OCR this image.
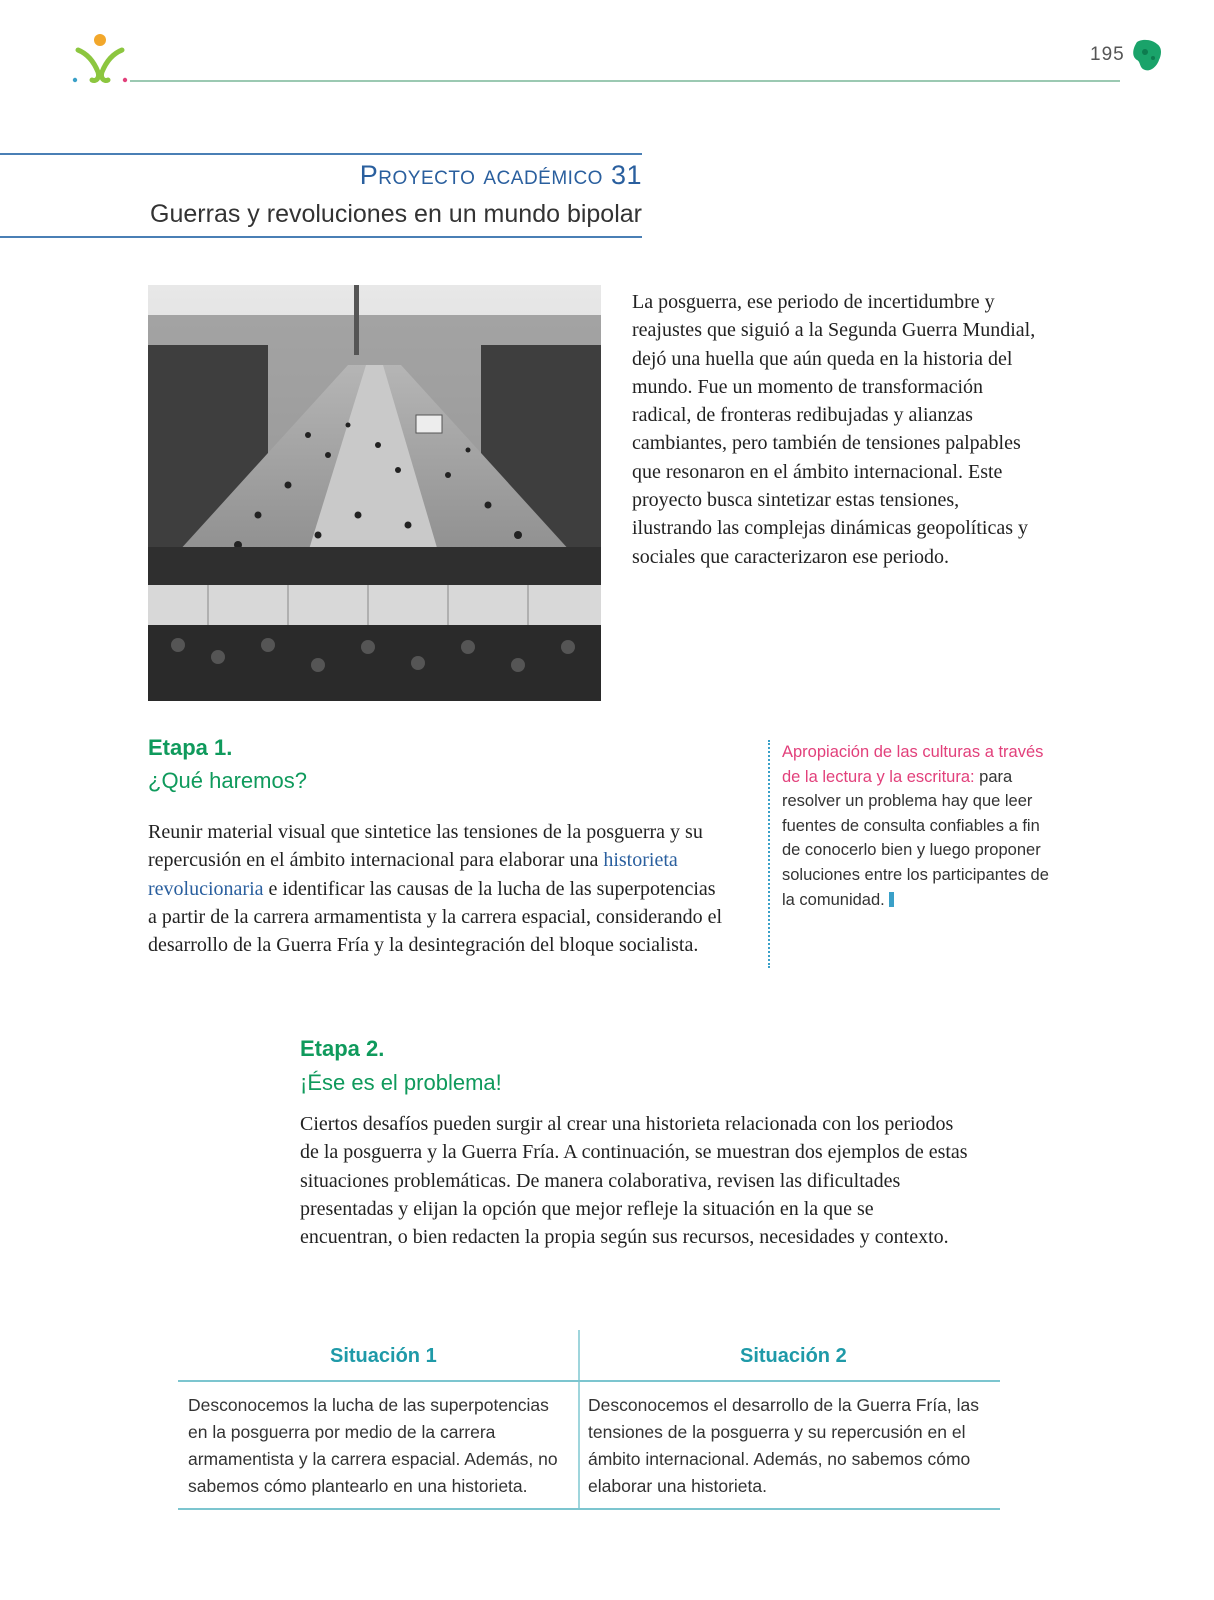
195
Proyecto académico 31
Guerras y revoluciones en un mundo bipolar
La posguerra, ese periodo de incertidumbre y reajustes que siguió a la Segunda Guerra Mundial, dejó una huella que aún queda en la historia del mundo. Fue un momento de transformación radical, de fronteras redibujadas y alianzas cambiantes, pero también de tensiones palpables que resonaron en el ámbito internacional. Este proyecto busca sintetizar estas tensiones, ilustrando las complejas dinámicas geopolíticas y sociales que caracterizaron ese periodo.
Etapa 1.
¿Qué haremos?
Reunir material visual que sintetice las tensiones de la posguerra y su repercusión en el ámbito internacional para elaborar una historieta revolucionaria e identificar las causas de la lucha de las superpotencias a partir de la carrera armamentista y la carrera espacial, considerando el desarrollo de la Guerra Fría y la desintegración del bloque socialista.
Apropiación de las culturas a través de la lectura y la escritura: para resolver un problema hay que leer fuentes de consulta confiables a fin de conocerlo bien y luego proponer soluciones entre los participantes de la comunidad.
Etapa 2.
¡Ése es el problema!
Ciertos desafíos pueden surgir al crear una historieta relacionada con los periodos de la posguerra y la Guerra Fría. A continuación, se muestran dos ejemplos de estas situaciones problemáticas. De manera colaborativa, revisen las dificultades presentadas y elijan la opción que mejor refleje la situación en la que se encuentran, o bien redacten la propia según sus recursos, necesidades y contexto.
Situación 1	Situación 2
Desconocemos la lucha de las superpotencias en la posguerra por medio de la carrera armamentista y la carrera espacial. Además, no sabemos cómo plantearlo en una historieta.
Desconocemos el desarrollo de la Guerra Fría, las tensiones de la posguerra y su repercusión en el ámbito internacional. Además, no sabemos cómo elaborar una historieta.
